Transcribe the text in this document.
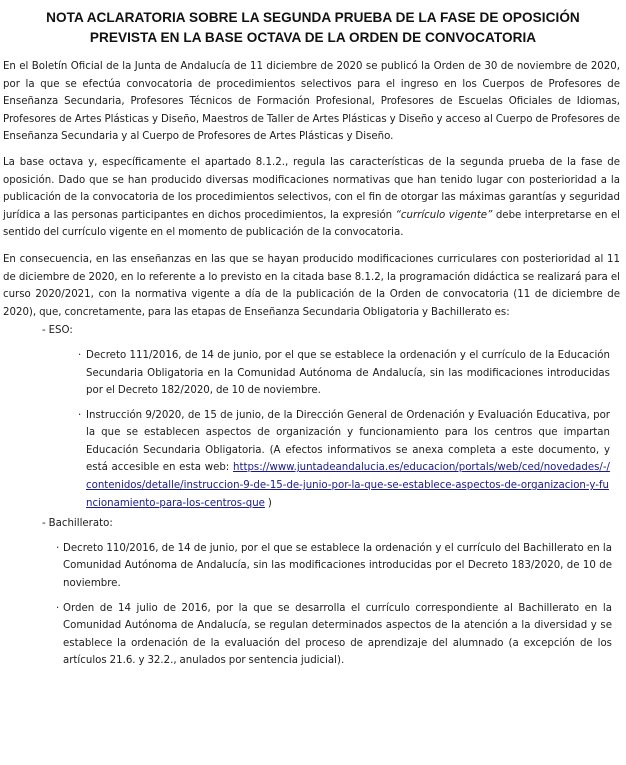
NOTA ACLARATORIA SOBRE LA SEGUNDA PRUEBA DE LA FASE DE OPOSICIÓN
PREVISTA EN LA BASE OCTAVA DE LA ORDEN DE CONVOCATORIA

En el Boletín Oficial de la Junta de Andalucía de 11 diciembre de 2020 se publicó la Orden de 30 de noviembre de 2020, por la que se efectúa convocatoria de procedimientos selectivos para el ingreso en los Cuerpos de Profesores de Enseñanza Secundaria, Profesores Técnicos de Formación Profesional, Profesores de Escuelas Oficiales de Idiomas, Profesores de Artes Plásticas y Diseño, Maestros de Taller de Artes Plásticas y Diseño y acceso al Cuerpo de Profesores de Enseñanza Secundaria y al Cuerpo de Profesores de Artes Plásticas y Diseño.

La base octava y, específicamente el apartado 8.1.2., regula las características de la segunda prueba de la fase de oposición. Dado que se han producido diversas modificaciones normativas que han tenido lugar con posterioridad a la publicación de la convocatoria de los procedimientos selectivos, con el fin de otorgar las máximas garantías y seguridad jurídica a las personas participantes en dichos procedimientos, la expresión “currículo vigente” debe interpretarse en el sentido del currículo vigente en el momento de publicación de la convocatoria.

En consecuencia, en las enseñanzas en las que se hayan producido modificaciones curriculares con posterioridad al 11 de diciembre de 2020, en lo referente a lo previsto en la citada base 8.1.2, la programación didáctica se realizará para el curso 2020/2021, con la normativa vigente a día de la publicación de la Orden de convocatoria (11 de diciembre de 2020), que, concretamente, para las etapas de Enseñanza Secundaria Obligatoria y Bachillerato es:

- ESO:
· Decreto 111/2016, de 14 de junio, por el que se establece la ordenación y el currículo de la Educación Secundaria Obligatoria en la Comunidad Autónoma de Andalucía, sin las modificaciones introducidas por el Decreto 182/2020, de 10 de noviembre.
· Instrucción 9/2020, de 15 de junio, de la Dirección General de Ordenación y Evaluación Educativa, por la que se establecen aspectos de organización y funcionamiento para los centros que impartan Educación Secundaria Obligatoria. (A efectos informativos se anexa completa a este documento, y está accesible en esta web: https://www.juntadeandalucia.es/educacion/portals/web/ced/novedades/-/contenidos/detalle/instruccion-9-de-15-de-junio-por-la-que-se-establece-aspectos-de-organizacion-y-funcionamiento-para-los-centros-que )
- Bachillerato:
· Decreto 110/2016, de 14 de junio, por el que se establece la ordenación y el currículo del Bachillerato en la Comunidad Autónoma de Andalucía, sin las modificaciones introducidas por el Decreto 183/2020, de 10 de noviembre.
· Orden de 14 julio de 2016, por la que se desarrolla el currículo correspondiente al Bachillerato en la Comunidad Autónoma de Andalucía, se regulan determinados aspectos de la atención a la diversidad y se establece la ordenación de la evaluación del proceso de aprendizaje del alumnado (a excepción de los artículos 21.6. y 32.2., anulados por sentencia judicial).
